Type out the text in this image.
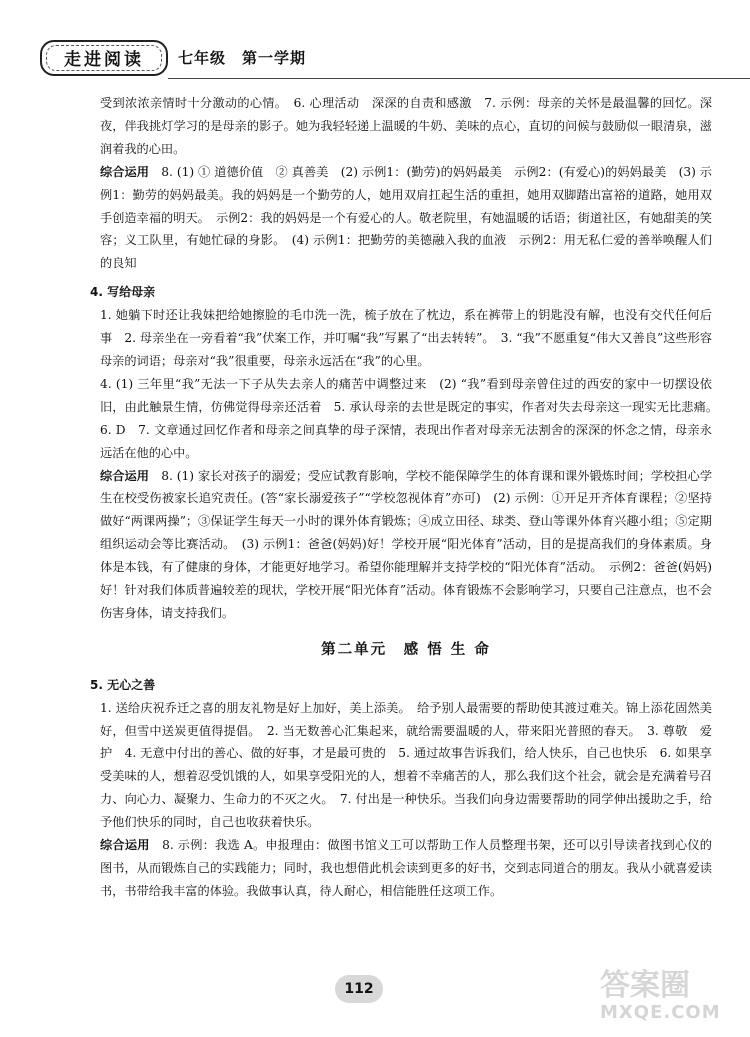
走进阅读	七年级　第一学期

受到浓浓亲情时十分激动的心情。　6. 心理活动　深深的自责和感激　7. 示例：母亲的关怀是最温馨的回忆。深夜，伴我挑灯学习的是母亲的影子。她为我轻轻递上温暖的牛奶、美味的点心，直切的问候与鼓励似一眼清泉，滋润着我的心田。

综合运用　8. (1) ① 道德价值　② 真善美　(2) 示例1：(勤劳)的妈妈最美　示例2：(有爱心)的妈妈最美　(3) 示例1：勤劳的妈妈最美。我的妈妈是一个勤劳的人，她用双肩扛起生活的重担，她用双脚踏出富裕的道路，她用双手创造幸福的明天。　示例2：我的妈妈是一个有爱心的人。敬老院里，有她温暖的话语；街道社区，有她甜美的笑容；义工队里，有她忙碌的身影。　(4) 示例1：把勤劳的美德融入我的血液　示例2：用无私仁爱的善举唤醒人们的良知

4. 写给母亲

1. 她躺下时还让我妹把给她擦脸的毛巾洗一洗，梳子放在了枕边，系在裤带上的钥匙没有解，也没有交代任何后事　2. 母亲坐在一旁看着“我”伏案工作，并叮嘱“我”写累了“出去转转”。　3. “我”不愿重复“伟大又善良”这些形容母亲的词语；母亲对“我”很重要，母亲永远活在“我”的心里。

4. (1) 三年里“我”无法一下子从失去亲人的痛苦中调整过来　(2) “我”看到母亲曾住过的西安的家中一切摆设依旧，由此触景生情，仿佛觉得母亲还活着　5. 承认母亲的去世是既定的事实，作者对失去母亲这一现实无比悲痛。　6. D　7. 文章通过回忆作者和母亲之间真挚的母子深情，表现出作者对母亲无法割舍的深深的怀念之情，母亲永远活在他的心中。

综合运用　8. (1) 家长对孩子的溺爱；受应试教育影响，学校不能保障学生的体育课和课外锻炼时间；学校担心学生在校受伤被家长追究责任。(答“家长溺爱孩子”“学校忽视体育”亦可)　(2) 示例：①开足开齐体育课程；②坚持做好“两课两操”；③保证学生每天一小时的课外体育锻炼；④成立田径、球类、登山等课外体育兴趣小组；⑤定期组织运动会等比赛活动。　(3) 示例1：爸爸(妈妈)好！学校开展“阳光体育”活动，目的是提高我们的身体素质。身体是本钱，有了健康的身体，才能更好地学习。希望你能理解并支持学校的“阳光体育”活动。　示例2：爸爸(妈妈)好！针对我们体质普遍较差的现状，学校开展“阳光体育”活动。体育锻炼不会影响学习，只要自己注意点，也不会伤害身体，请支持我们。

第二单元　感 悟 生 命
5. 无心之善

1. 送给庆祝乔迁之喜的朋友礼物是好上加好，美上添美。　给予别人最需要的帮助使其渡过难关。锦上添花固然美好，但雪中送炭更值得提倡。　2. 当无数善心汇集起来，就给需要温暖的人，带来阳光普照的春天。　3. 尊敬　爱护　4. 无意中付出的善心、做的好事，才是最可贵的　5. 通过故事告诉我们，给人快乐，自己也快乐　6. 如果享受美味的人，想着忍受饥饿的人，如果享受阳光的人，想着不幸痛苦的人，那么我们这个社会，就会是充满着号召力、向心力、凝聚力、生命力的不灭之火。　7. 付出是一种快乐。当我们向身边需要帮助的同学伸出援助之手，给予他们快乐的同时，自己也收获着快乐。

综合运用　8. 示例：我选 A。申报理由：做图书馆义工可以帮助工作人员整理书架，还可以引导读者找到心仪的图书，从而锻炼自己的实践能力；同时，我也想借此机会读到更多的好书，交到志同道合的朋友。我从小就喜爱读书，书带给我丰富的体验。我做事认真，待人耐心，相信能胜任这项工作。

112	答案圈
MXQE.COM
